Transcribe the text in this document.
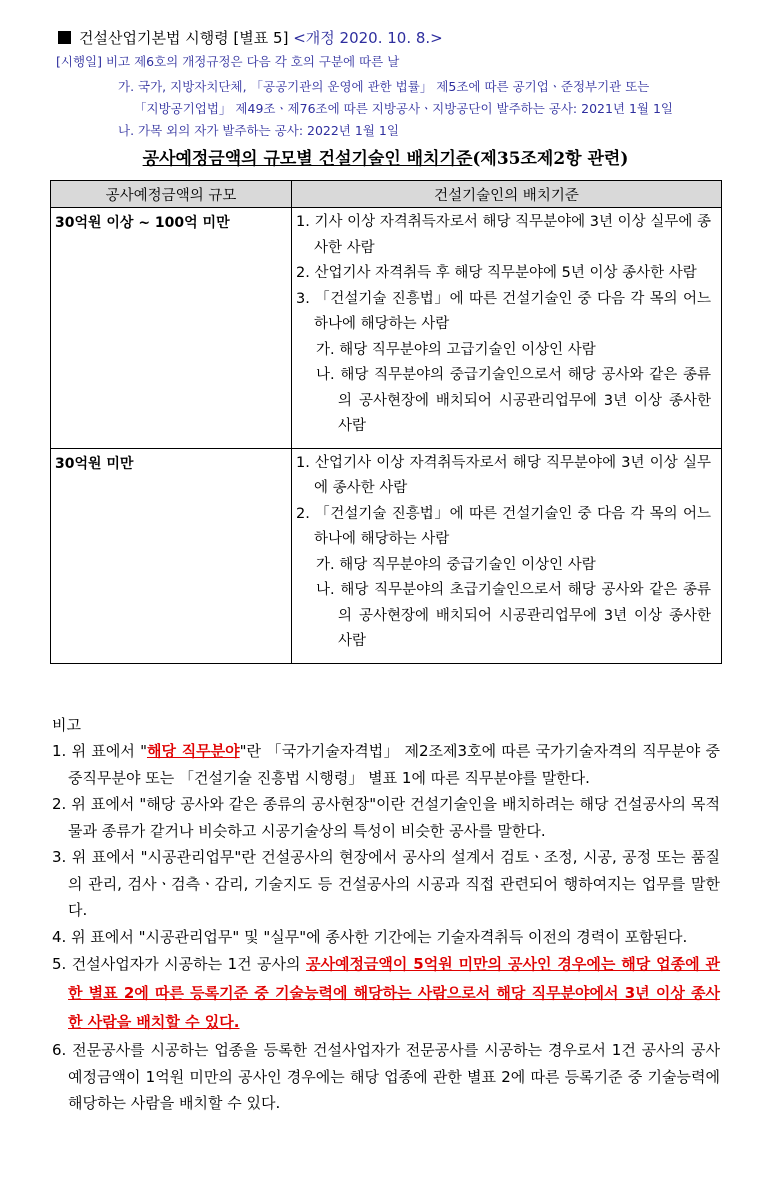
건설산업기본법 시행령 [별표 5] <개정 2020. 10. 8.>
[시행일] 비고 제6호의 개정규정은 다음 각 호의 구분에 따른 날
가. 국가, 지방자치단체, 「공공기관의 운영에 관한 법률」 제5조에 따른 공기업ㆍ준정부기관 또는
「지방공기업법」 제49조ㆍ제76조에 따른 지방공사ㆍ지방공단이 발주하는 공사: 2021년 1월 1일
나. 가목 외의 자가 발주하는 공사: 2022년 1월 1일
공사예정금액의 규모별 건설기술인 배치기준(제35조제2항 관련)
공사예정금액의 규모	건설기술인의 배치기준
30억원 이상 ~ 100억 미만	1. 기사 이상 자격취득자로서 해당 직무분야에 3년 이상 실무에 종사한 사람
2. 산업기사 자격취득 후 해당 직무분야에 5년 이상 종사한 사람
3. 「건설기술 진흥법」에 따른 건설기술인 중 다음 각 목의 어느 하나에 해당하는 사람
가. 해당 직무분야의 고급기술인 이상인 사람
나. 해당 직무분야의 중급기술인으로서 해당 공사와 같은 종류의 공사현장에 배치되어 시공관리업무에 3년 이상 종사한 사람

30억원 미만	1. 산업기사 이상 자격취득자로서 해당 직무분야에 3년 이상 실무에 종사한 사람
2. 「건설기술 진흥법」에 따른 건설기술인 중 다음 각 목의 어느 하나에 해당하는 사람
가. 해당 직무분야의 중급기술인 이상인 사람
나. 해당 직무분야의 초급기술인으로서 해당 공사와 같은 종류의 공사현장에 배치되어 시공관리업무에 3년 이상 종사한 사람
비고
1. 위 표에서 "해당 직무분야"란 「국가기술자격법」 제2조제3호에 따른 국가기술자격의 직무분야 중 중직무분야 또는 「건설기술 진흥법 시행령」 별표 1에 따른 직무분야를 말한다.
2. 위 표에서 "해당 공사와 같은 종류의 공사현장"이란 건설기술인을 배치하려는 해당 건설공사의 목적물과 종류가 같거나 비슷하고 시공기술상의 특성이 비슷한 공사를 말한다.
3. 위 표에서 "시공관리업무"란 건설공사의 현장에서 공사의 설계서 검토ㆍ조정, 시공, 공정 또는 품질의 관리, 검사ㆍ검측ㆍ감리, 기술지도 등 건설공사의 시공과 직접 관련되어 행하여지는 업무를 말한다.
4. 위 표에서 "시공관리업무" 및 "실무"에 종사한 기간에는 기술자격취득 이전의 경력이 포함된다.
5. 건설사업자가 시공하는 1건 공사의 공사예정금액이 5억원 미만의 공사인 경우에는 해당 업종에 관한 별표 2에 따른 등록기준 중 기술능력에 해당하는 사람으로서 해당 직무분야에서 3년 이상 종사한 사람을 배치할 수 있다.
6. 전문공사를 시공하는 업종을 등록한 건설사업자가 전문공사를 시공하는 경우로서 1건 공사의 공사예정금액이 1억원 미만의 공사인 경우에는 해당 업종에 관한 별표 2에 따른 등록기준 중 기술능력에 해당하는 사람을 배치할 수 있다.
